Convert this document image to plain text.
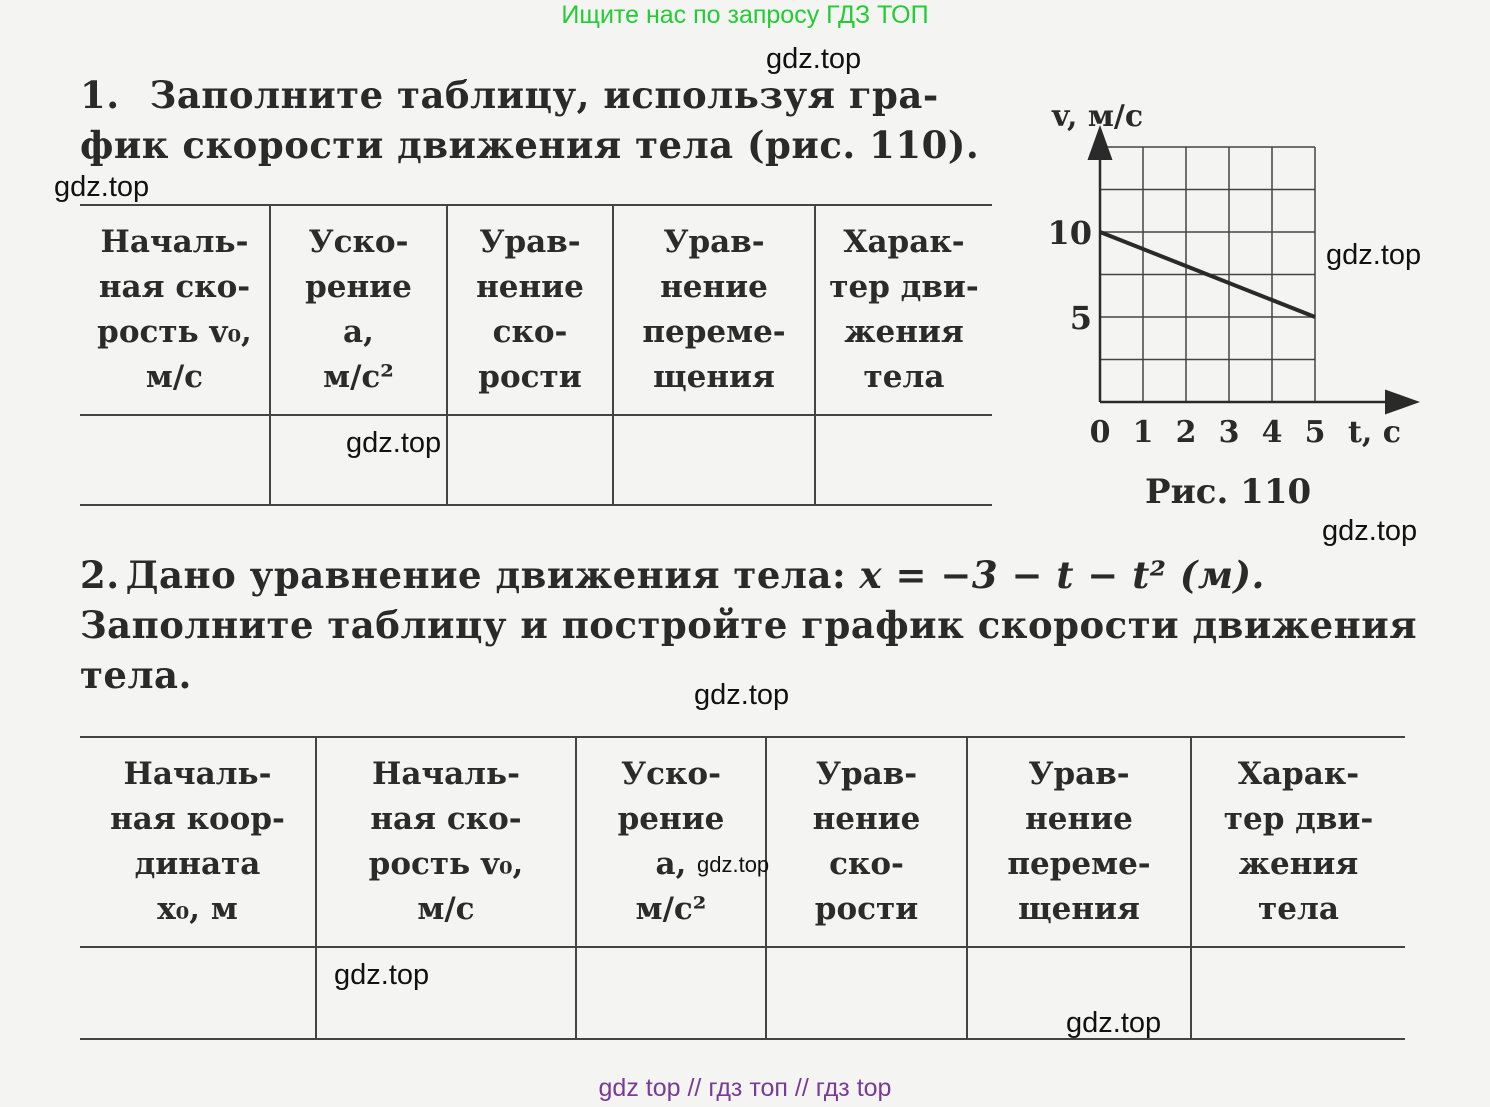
Ищите нас по запросу ГДЗ ТОП
1. Заполните таблицу, используя гра-
фик скорости движения тела (рис. 110).
Началь-
ная ско-
рость v₀,
м/с	Уско-
рение
a,
м/с²	Урав-
нение
ско-
рости	Урав-
нение
переме-
щения	Харак-
тер дви-
жения
тела

0 1 2 3 4 5
5
10
v, м/с
t, с
Рис. 110
2. Дано уравнение движения тела: x = −3 − t − t² (м).
Заполните таблицу и постройте график скорости движения
тела.
Началь-
ная коор-
дината
x₀, м	Началь-
ная ско-
рость v₀,
м/с	Уско-
рение
a,
м/с²	Урав-
нение
ско-
рости	Урав-
нение
переме-
щения	Харак-
тер дви-
жения
тела

gdz.top
gdz.top
gdz.top
gdz.top
gdz.top
gdz.top
gdz.top
gdz.top
gdz.top
gdz top // гдз топ // гдз top
